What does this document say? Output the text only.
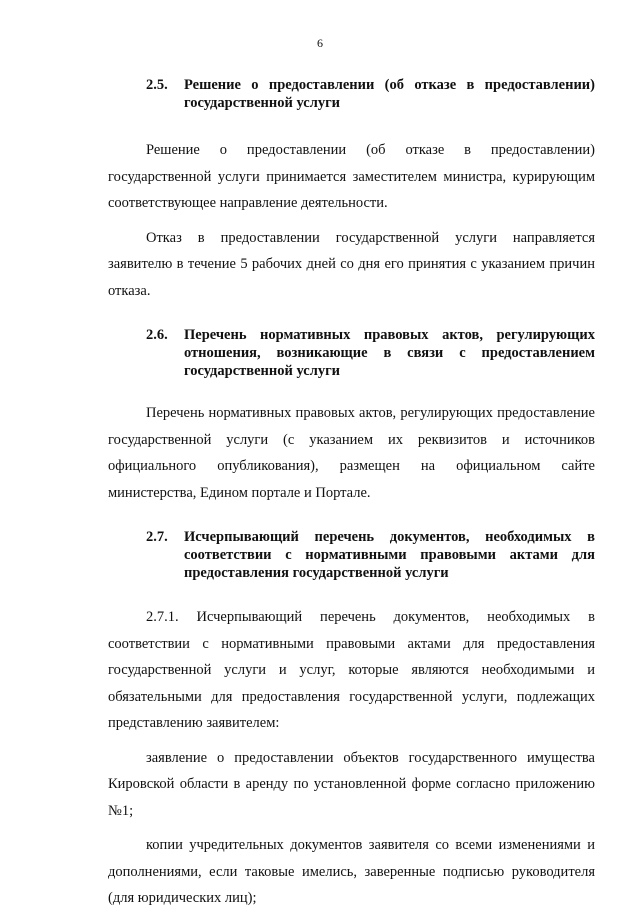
6
2.5.	Решение о предоставлении (об отказе в предоставлении) государственной услуги

Решение о предоставлении (об отказе в предоставлении) государственной услуги принимается заместителем министра, курирующим соответствующее направление деятельности.

Отказ в предоставлении государственной услуги направляется заявителю в течение 5 рабочих дней со дня его принятия с указанием причин отказа.

2.6.	Перечень нормативных правовых актов, регулирующих отношения, возникающие в связи с предоставлением государственной услуги

Перечень нормативных правовых актов, регулирующих предоставление государственной услуги (с указанием их реквизитов и источников официального опубликования), размещен на официальном сайте министерства, Едином портале и Портале.

2.7.	Исчерпывающий перечень документов, необходимых в соответствии с нормативными правовыми актами для предоставления государственной услуги

2.7.1. Исчерпывающий перечень документов, необходимых в соответствии с нормативными правовыми актами для предоставления государственной услуги и услуг, которые являются необходимыми и обязательными для предоставления государственной услуги, подлежащих представлению заявителем:

заявление о предоставлении объектов государственного имущества Кировской области в аренду по установленной форме согласно приложению №1;

копии учредительных документов заявителя со всеми изменениями и дополнениями, если таковые имелись, заверенные подписью руководителя (для юридических лиц);
